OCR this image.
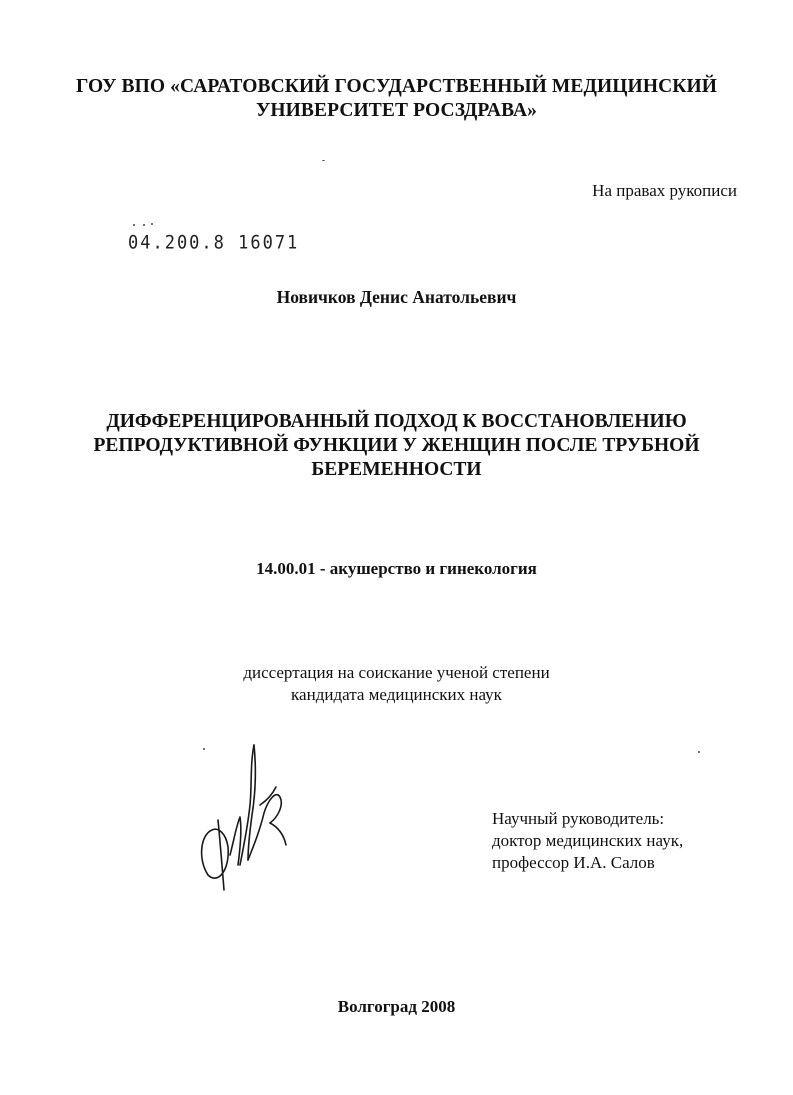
ГОУ ВПО «САРАТОВСКИЙ ГОСУДАРСТВЕННЫЙ МЕДИЦИНСКИЙ
УНИВЕРСИТЕТ РОСЗДРАВА»
На правах рукописи
04.200.8 16071
Новичков Денис Анатольевич
ДИФФЕРЕНЦИРОВАННЫЙ ПОДХОД К ВОССТАНОВЛЕНИЮ
РЕПРОДУКТИВНОЙ ФУНКЦИИ У ЖЕНЩИН ПОСЛЕ ТРУБНОЙ
БЕРЕМЕННОСТИ
14.00.01 - акушерство и гинекология
диссертация на соискание ученой степени
кандидата медицинских наук
Научный руководитель:
доктор медицинских наук,
профессор И.А. Салов
Волгоград 2008
